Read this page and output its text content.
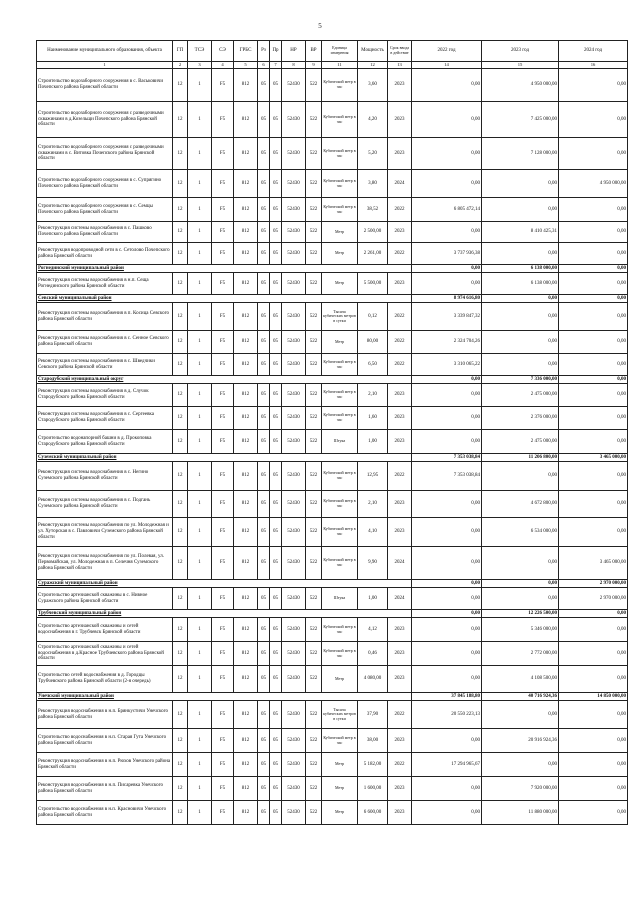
5
Наименование муниципального образования, объекта	ГП	ТСЭ	СЭ	ГРБС	Рз	Пр	НР	ВР	Единица измерения	Мощность	Срок ввода в действие	2022 год	2023 год	2024 год
1	2	3	4	5	6	7	8	9	11	12	13	14	15	16
Строительство водозаборного сооружения в с. Васьковичи Почепского района Брянской области	12	1	F5	812	05	05	52430	522	Кубический метр в час	3,60	2023	0,00	4 950 000,00	0,00
Строительство водозаборного сооружения с разведочными скважинами в д.Козельщи Почепского района Брянской области	12	1	F5	812	05	05	52430	522	Кубический метр в час	4,20	2023	0,00	7 425 000,00	0,00
Строительство водозаборного сооружения с разведочными скважинами в с. Витовка Почепского района Брянской области	12	1	F5	812	05	05	52430	522	Кубический метр в час	5,20	2023	0,00	7 128 000,00	0,00
Строительство водозаборного сооружения в с. Супрягино Почепского района Брянской области	12	1	F5	812	05	05	52430	522	Кубический метр в час	3,80	2024	0,00	0,00	4 950 000,00
Строительство водозаборного сооружения в с. Семцы Почепского района Брянской области	12	1	F5	812	05	05	52430	522	Кубический метр в час	38,52	2022	6 805 472,14	0,00	0,00
Реконструкция системы водоснабжения в с. Пашково Почепского района Брянской области	12	1	F5	812	05	05	52430	522	Метр	2 500,00	2023	0,00	8 410 425,31	0,00
Реконструкция водопроводной сети в с. Сетолово Почепского района Брянской области	12	1	F5	812	05	05	52430	522	Метр	2 261,00	2022	3 737 936,38	0,00	0,00
Рогнединский муниципальный район												0,00	6 138 000,00	0,00
Реконструкция системы водоснабжения в н.п. Сеща Рогнединского района Брянской области	12	1	F5	812	05	05	52430	522	Метр	5 500,00	2023	0,00	6 138 000,00	0,00
Севский муниципальный район												8 974 616,80	0,00	0,00
Реконструкция системы водоснабжения в п. Косица Севского района Брянской области	12	1	F5	812	05	05	52430	522	Тысяча кубических метров в сутки	0,12	2022	3 339 847,32	0,00	0,00
Реконструкция системы водоснабжения в с. Сенное Севского района Брянской области	12	1	F5	812	05	05	52430	522	Метр	80,00	2022	2 324 704,26	0,00	0,00
Реконструкция системы водоснабжения в с. Шведчики Севского района Брянской области	12	1	F5	812	05	05	52430	522	Кубический метр в час	6,50	2022	3 310 065,22	0,00	0,00
Стародубский муниципальный округ												0,00	7 336 000,00	0,00
Реконструкция системы водоснабжения в д. Случок Стародубского района Брянской области	12	1	F5	812	05	05	52430	522	Кубический метр в час	2,10	2023	0,00	2 475 000,00	0,00
Реконструкция системы водоснабжения в с. Сергеевка Стародубского района Брянской области	12	1	F5	812	05	05	52430	522	Кубический метр в час	1,60	2023	0,00	2 376 000,00	0,00
Строительство водонапорной башни в д. Прокоповка Стародубского района Брянской области	12	1	F5	812	05	05	52430	522	Штука	1,00	2023	0,00	2 475 000,00	0,00
Суземский муниципальный район												7 353 038,84	11 206 800,00	3 465 000,00
Реконструкция системы водоснабжения в с. Негино Суземского района Брянской области	12	1	F5	812	05	05	52430	522	Кубический метр в час	12,95	2022	7 353 038,84	0,00	0,00
Реконструкция системы водоснабжения в с. Подгань Суземского района Брянской области	12	1	F5	812	05	05	52430	522	Кубический метр в час	2,10	2023	0,00	4 672 800,00	0,00
Реконструкция системы водоснабжения по ул. Молодежная и ул. Хуторская в с. Павловичи Суземского района Брянской области	12	1	F5	812	05	05	52430	522	Кубический метр в час	4,10	2023	0,00	6 534 000,00	0,00
Реконструкция системы водоснабжения по ул. Полевая, ул. Первомайская, ул. Молодежная в п. Селечня Суземского района Брянской области	12	1	F5	812	05	05	52430	522	Кубический метр в час	9,90	2024	0,00	0,00	3 465 000,00
Суражский муниципальный район												0,00	0,00	2 970 000,00
Строительство артезианской скважины в с. Нивное Суражского района Брянской области	12	1	F5	812	05	05	52430	522	Штука	1,00	2024	0,00	0,00	2 970 000,00
Трубчевский муниципальный район												0,00	12 226 500,00	0,00
Строительство артезианской скважины и сетей водоснабжения в г. Трубчевск Брянской области	12	1	F5	812	05	05	52430	522	Кубический метр в час	4,12	2023	0,00	5 346 000,00	0,00
Строительство артезианской скважины и сетей водоснабжения в д.Красное Трубчевского района Брянской области	12	1	F5	812	05	05	52430	522	Кубический метр в час	0,46	2023	0,00	2 772 000,00	0,00
Строительство сетей водоснабжения в д. Городцы Трубчевского района Брянской области (2-я очередь)	12	1	F5	812	05	05	52430	522	Метр	4 080,00	2023	0,00	4 108 500,00	0,00
Унечский муниципальный район												37 845 188,80	40 716 924,36	14 850 000,00
Реконструкция водоснабжения в н.п. Брянкустичи Унечского района Брянской области	12	1	F5	812	05	05	52430	522	Тысяча кубических метров в сутки	37,90	2022	20 550 223,13	0,00	0,00
Строительство водоснабжения в н.п. Старая Гута Унечского района Брянской области	12	1	F5	812	05	05	52430	522	Кубический метр в час	38,00	2023	0,00	20 916 924,36	0,00
Реконструкция водоснабжения в н.п. Рюхов Унечского района Брянской области	12	1	F5	812	05	05	52430	522	Метр	5 182,00	2022	17 294 965,67	0,00	0,00
Реконструкция водоснабжения в н.п. Писаревка Унечского района Брянской области	12	1	F5	812	05	05	52430	522	Метр	1 600,00	2023	0,00	7 920 000,00	0,00
Строительство водоснабжения в н.п. Красновичи Унечского района Брянской области	12	1	F5	812	05	05	52430	522	Метр	6 600,00	2023	0,00	11 880 000,00	0,00
